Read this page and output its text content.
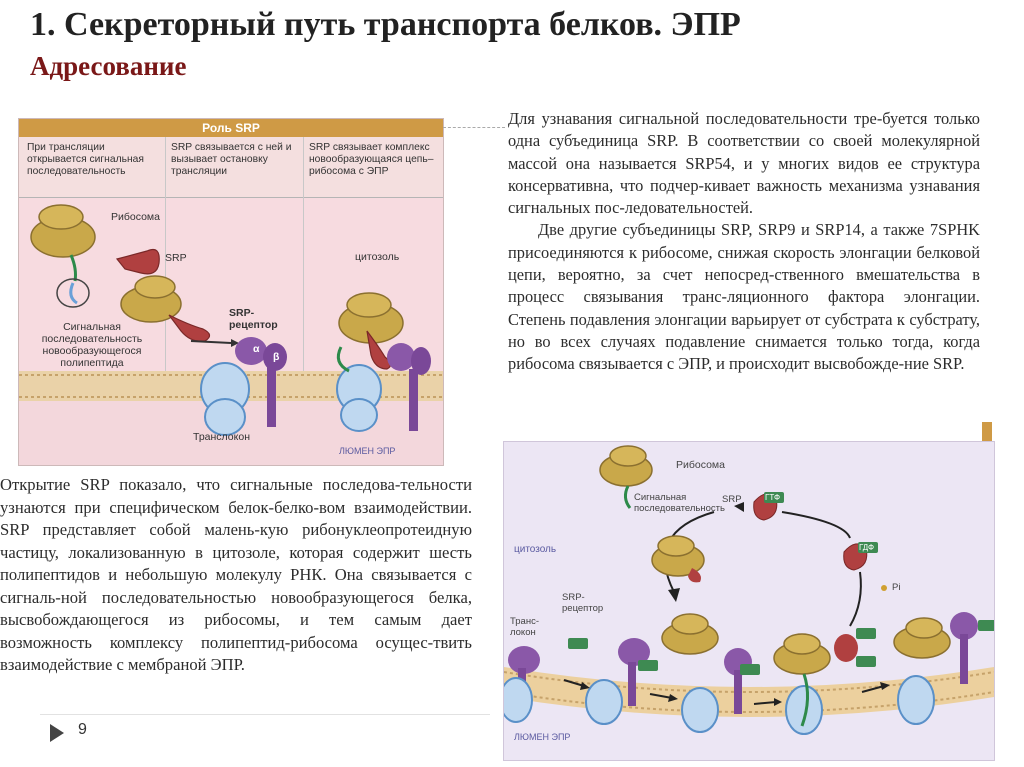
1. Секреторный путь транспорта белков. ЭПР
Адресование
Роль SRP
При трансляции открывается сигнальная последовательность
SRP связывается с ней и вызывает остановку трансляции
SRP связывает комплекс новообразующаяся цепь–рибосома с ЭПР
Рибосома
SRP
SRP-рецептор
Сигнальная последовательность новообразующегося полипептида
цитозоль
Транслокон
ЛЮМЕН ЭПР
α
β

Для узнавания сигнальной последовательности тре-буется только одна субъединица SRP. В соответствии со своей молекулярной массой она называется SRP54, и у многих видов ее структура консервативна, что подчер-кивает важность механизма узнавания сигнальных пос-ледовательностей.

Две другие субъединицы SRP, SRP9 и SRP14, а также 7SPHK присоединяются к рибосоме, снижая скорость элонгации белковой цепи, вероятно, за счет непосред-ственного вмешательства в процесс связывания транс-ляционного фактора элонгации. Степень подавления элонгации варьирует от субстрата к субстрату, но во всех случаях подавление снимается только тогда, когда рибосома связывается с ЭПР, и происходит высвобожде-ние SRP.

Открытие SRP показало, что сигнальные последова-тельности узнаются при специфическом белок-белко-вом взаимодействии. SRP представляет собой малень-кую рибонуклеопротеидную частицу, локализованную в цитозоле, которая содержит шесть полипептидов и небольшую молекулу РНК. Она связывается с сигналь-ной последовательностью новообразующегося белка, высвобождающегося из рибосомы, и тем самым дает возможность комплексу полипептид-рибосома осущес-твить взаимодействие с мембраной ЭПР.

Рибосома
Сигнальная последовательность
SRP	ГТФ
ГДФ
Pi
цитозоль
SRP-рецептор
Транс-локон
ЛЮМЕН ЭПР
9
